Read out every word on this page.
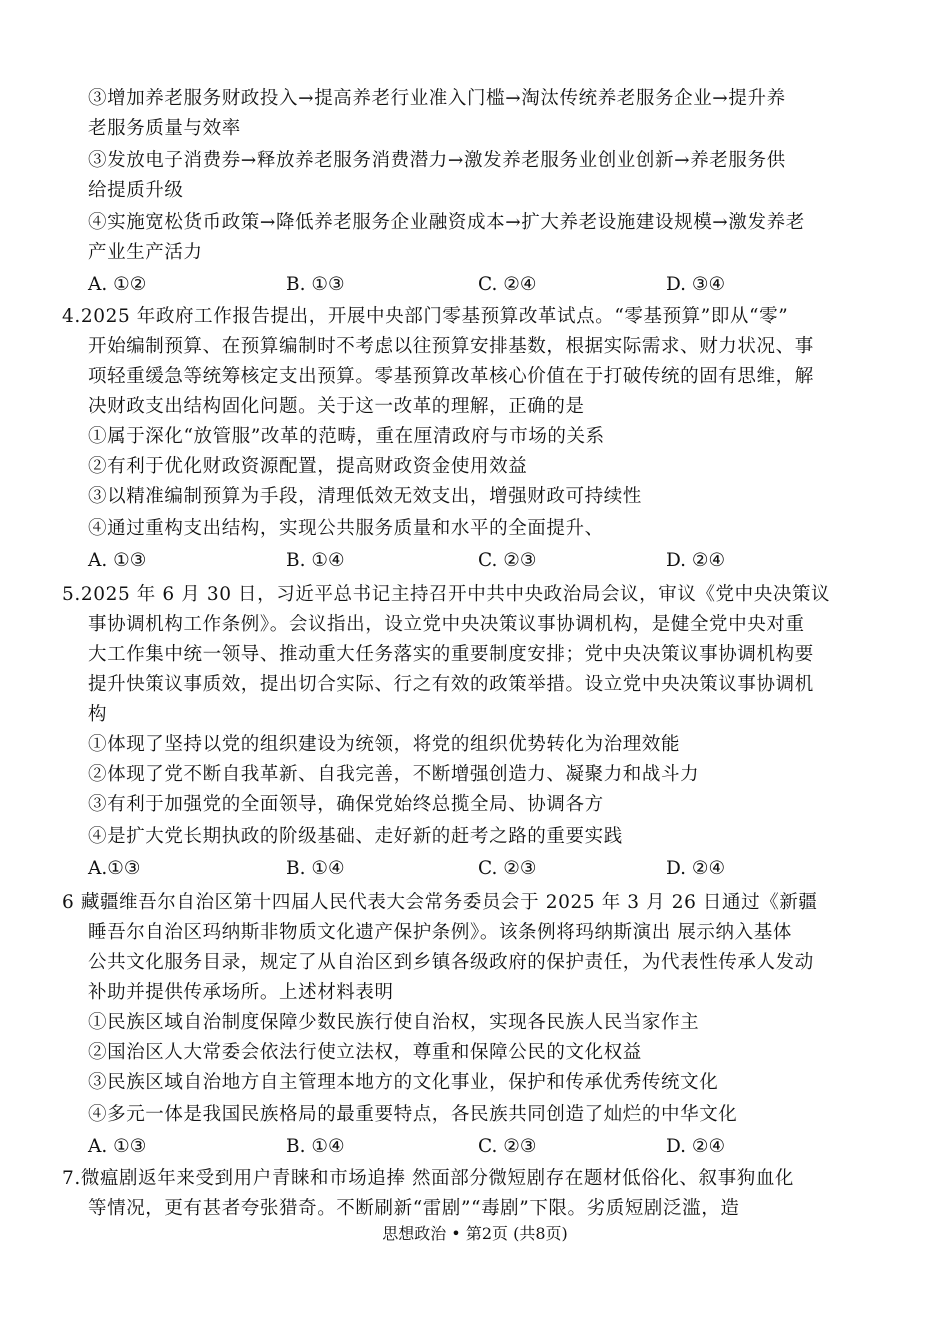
③增加养老服务财政投入→提高养老行业准入门槛→淘汰传统养老服务企业→提升养
老服务质量与效率
③发放电子消费券→释放养老服务消费潜力→激发养老服务业创业创新→养老服务供
给提质升级
④实施宽松货币政策→降低养老服务企业融资成本→扩大养老设施建设规模→激发养老
产业生产活力
A. ①②	B. ①③	C. ②④	D. ③④
4.2025 年政府工作报告提出，开展中央部门零基预算改革试点。“零基预算”即从“零”
开始编制预算、在预算编制时不考虑以往预算安排基数，根据实际需求、财力状况、事
项轻重缓急等统筹核定支出预算。零基预算改革核心价值在于打破传统的固有思维，解
决财政支出结构固化问题。关于这一改革的理解，正确的是
①属于深化“放管服”改革的范畴，重在厘清政府与市场的关系
②有利于优化财政资源配置，提高财政资金使用效益
③以精准编制预算为手段，清理低效无效支出，增强财政可持续性
④通过重构支出结构，实现公共服务质量和水平的全面提升、
A. ①③	B. ①④	C. ②③	D. ②④
5.2025 年 6 月 30 日，习近平总书记主持召开中共中央政治局会议，审议《党中央决策议
事协调机构工作条例》。会议指出，设立党中央决策议事协调机构，是健全党中央对重
大工作集中统一领导、推动重大任务落实的重要制度安排；党中央决策议事协调机构要
提升快策议事质效，提出切合实际、行之有效的政策举措。设立党中央决策议事协调机
构
①体现了坚持以党的组织建设为统领，将党的组织优势转化为治理效能
②体现了党不断自我革新、自我完善，不断增强创造力、凝聚力和战斗力
③有利于加强党的全面领导，确保党始终总揽全局、协调各方
④是扩大党长期执政的阶级基础、走好新的赶考之路的重要实践
A.①③	B. ①④	C. ②③	D. ②④
6 藏疆维吾尔自治区第十四届人民代表大会常务委员会于 2025 年 3 月 26 日通过《新疆
睡吾尔自治区玛纳斯非物质文化遗产保护条例》。该条例将玛纳斯演出 展示纳入基体
公共文化服务目录，规定了从自治区到乡镇各级政府的保护责任，为代表性传承人发动
补助并提供传承场所。上述材料表明
①民族区域自治制度保障少数民族行使自治权，实现各民族人民当家作主
②国治区人大常委会依法行使立法权，尊重和保障公民的文化权益
③民族区域自治地方自主管理本地方的文化事业，保护和传承优秀传统文化
④多元一体是我国民族格局的最重要特点，各民族共同创造了灿烂的中华文化
A. ①③	B. ①④	C. ②③	D. ②④
7.微瘟剧返年来受到用户青睐和市场追捧 然面部分微短剧存在题材低俗化、叙事狗血化
等情况，更有甚者夸张猎奇。不断刷新“雷剧”“毒剧”下限。劣质短剧泛滥，造
思想政治 • 第2页 (共8页)
